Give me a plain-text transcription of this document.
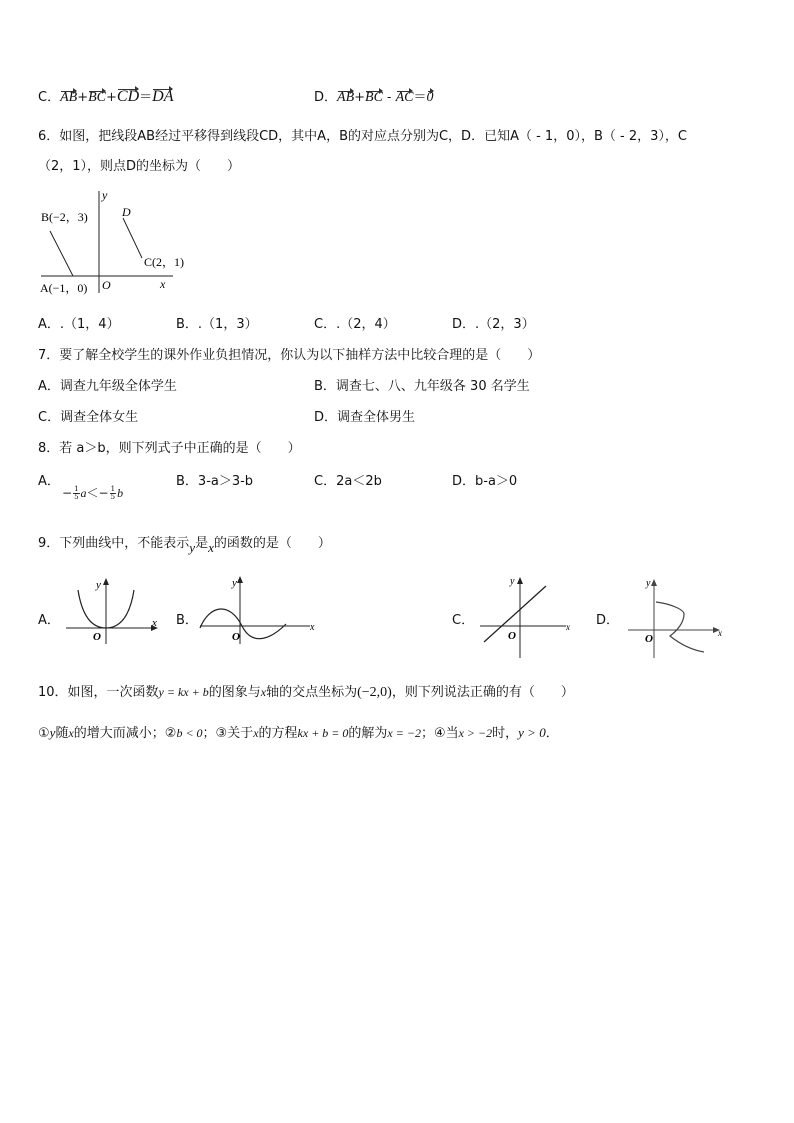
C．AB+BC+CD＝DA	D．AB+BC - AC＝0
6．如图，把线段AB经过平移得到线段CD，其中A，B的对应点分别为C，D．已知A（ - 1，0），B（ - 2，3），C
（2，1），则点D的坐标为（　　）
y
x
O
B(−2，3)	D
C(2，1)
A(−1，0)
A．.（1，4）	B．.（1，3）	C．.（2，4）	D．.（2，3）
7．要了解全校学生的课外作业负担情况，你认为以下抽样方法中比较合理的是（　　）
A．调查九年级全体学生	B．调查七、八、九年级各 30 名学生
C．调查全体女生	D．调查全体男生
8．若 a＞b，则下列式子中正确的是（　　）
A．
− $\frac{1}{5} a<- \frac{1}{5}$ b
B．3-a＞3-b	C．2a＜2b	D．b-a＞0
9．下列曲线中，不能表示y是x的函数的是（　　）
A．	x
y
O
B．	x
y
O
C．	x
y
O
D．
x
y
O
10．如图，一次函数y = kx + b的图象与x轴的交点坐标为(−2,0)，则下列说法正确的有（　　）
①y随x的增大而减小；②b < 0；③关于x的方程kx + b = 0的解为x = −2；④当x > −2时，y > 0．
